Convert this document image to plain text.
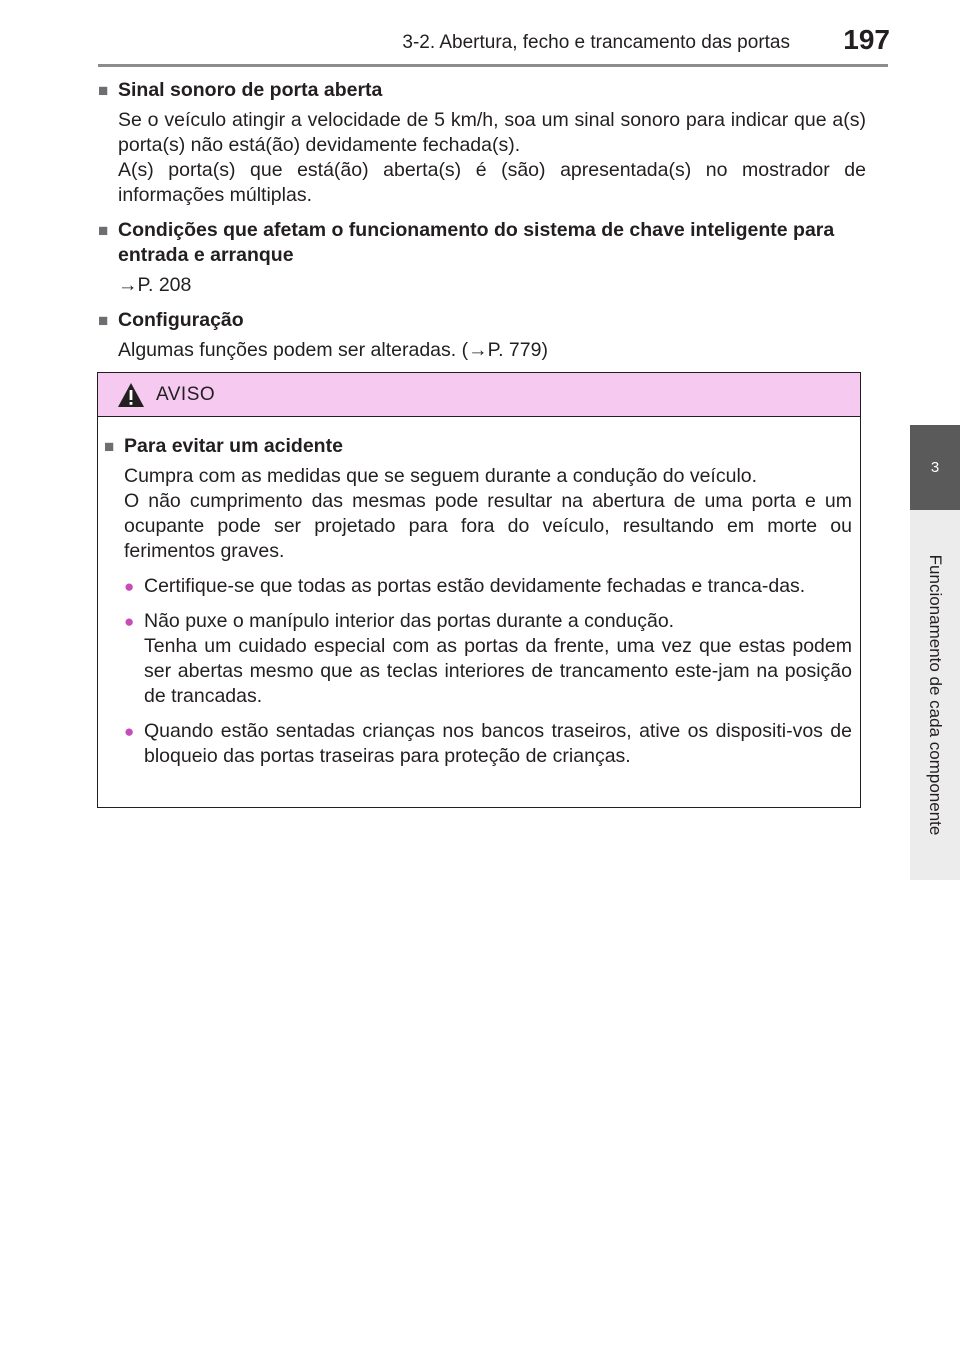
3-2. Abertura, fecho e trancamento das portas 197
3
Funcionamento de cada componente
■ Sinal sonoro de porta aberta

Se o veículo atingir a velocidade de 5 km/h, soa um sinal sonoro para indicar que a(s) porta(s) não está(ão) devidamente fechada(s).

A(s) porta(s) que está(ão) aberta(s) é (são) apresentada(s) no mostrador de informações múltiplas.

■ Condições que afetam o funcionamento do sistema de chave inteligente para entrada e arranque

→P. 208

■ Configuração

Algumas funções podem ser alteradas. (→P. 779)

AVISO
■ Para evitar um acidente

Cumpra com as medidas que se seguem durante a condução do veículo.

O não cumprimento das mesmas pode resultar na abertura de uma porta e um ocupante pode ser projetado para fora do veículo, resultando em morte ou ferimentos graves.

● Certifique-se que todas as portas estão devidamente fechadas e tranca-das.

● Não puxe o manípulo interior das portas durante a condução.

Tenha um cuidado especial com as portas da frente, uma vez que estas podem ser abertas mesmo que as teclas interiores de trancamento este-jam na posição de trancadas.

● Quando estão sentadas crianças nos bancos traseiros, ative os dispositi-vos de bloqueio das portas traseiras para proteção de crianças.
